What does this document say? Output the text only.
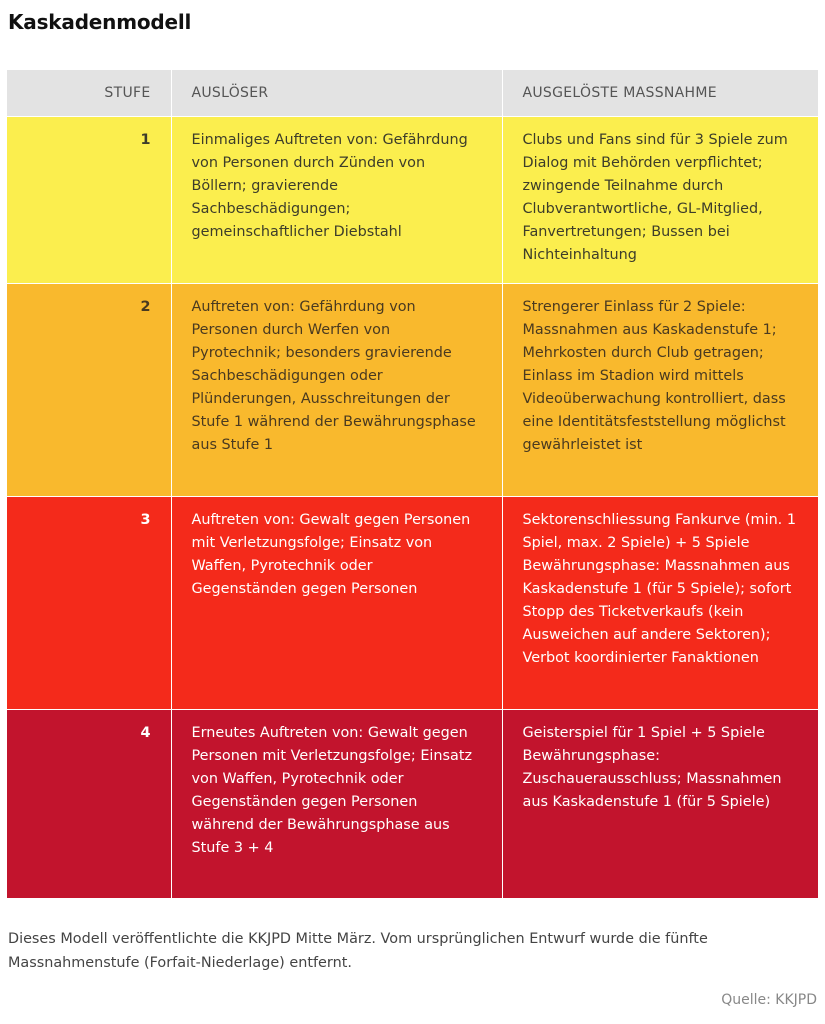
Kaskadenmodell
STUFE	AUSLÖSER	AUSGELÖSTE MASSNAHME
1	Einmaliges Auftreten von: Gefährdung von Personen durch Zünden von Böllern; gravierende Sachbeschädigungen; gemeinschaftlicher Diebstahl	Clubs und Fans sind für 3 Spiele zum Dialog mit Behörden verpflichtet; zwingende Teilnahme durch Clubverantwortliche, GL-Mitglied, Fanvertretungen; Bussen bei Nichteinhaltung
2	Auftreten von: Gefährdung von Personen durch Werfen von Pyrotechnik; besonders gravierende Sachbeschädigungen oder Plünderungen, Ausschreitungen der Stufe 1 während der Bewährungsphase aus Stufe 1	Strengerer Einlass für 2 Spiele: Massnahmen aus Kaskadenstufe 1; Mehrkosten durch Club getragen; Einlass im Stadion wird mittels Videoüberwachung kontrolliert, dass eine Identitätsfeststellung möglichst gewährleistet ist
3	Auftreten von: Gewalt gegen Personen mit Verletzungsfolge; Einsatz von Waffen, Pyrotechnik oder Gegenständen gegen Personen	Sektorenschliessung Fankurve (min. 1 Spiel, max. 2 Spiele) + 5 Spiele Bewährungsphase: Massnahmen aus Kaskadenstufe 1 (für 5 Spiele); sofort Stopp des Ticketverkaufs (kein Ausweichen auf andere Sektoren); Verbot koordinierter Fanaktionen
4	Erneutes Auftreten von: Gewalt gegen Personen mit Verletzungsfolge; Einsatz von Waffen, Pyrotechnik oder Gegenständen gegen Personen während der Bewährungsphase aus Stufe 3 + 4	Geisterspiel für 1 Spiel + 5 Spiele Bewährungsphase: Zuschauerausschluss; Massnahmen aus Kaskadenstufe 1 (für 5 Spiele)
Dieses Modell veröffentlichte die KKJPD Mitte März. Vom ursprünglichen Entwurf wurde die fünfte Massnahmenstufe (Forfait-Niederlage) entfernt.
Quelle: KKJPD
